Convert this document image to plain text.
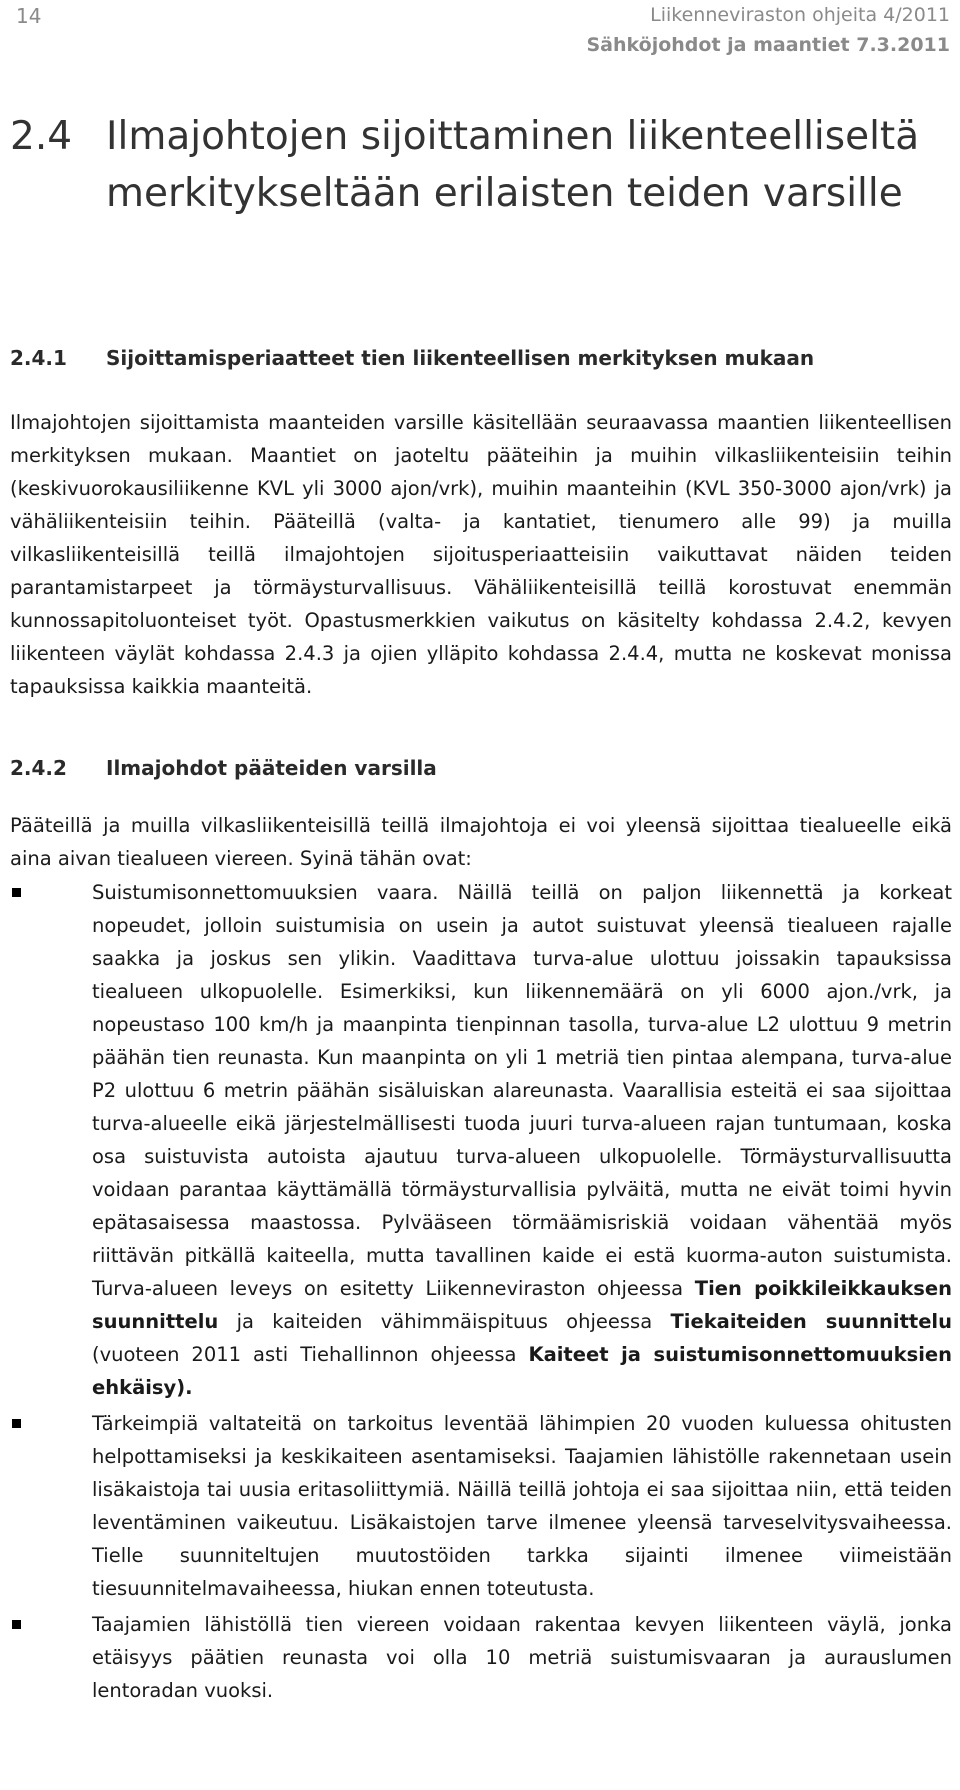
14	Liikenneviraston ohjeita 4/2011
Sähköjohdot ja maantiet 7.3.2011
2.4 Ilmajohtojen sijoittaminen liikenteelliseltä merkitykseltään erilaisten teiden varsille
2.4.1 Sijoittamisperiaatteet tien liikenteellisen merkityksen mukaan
Ilmajohtojen sijoittamista maanteiden varsille käsitellään seuraavassa maantien liikenteellisen merkityksen mukaan. Maantiet on jaoteltu pääteihin ja muihin vilkasliikenteisiin teihin (keskivuorokausiliikenne KVL yli 3000 ajon/vrk), muihin maanteihin (KVL 350-3000 ajon/vrk) ja vähäliikenteisiin teihin. Pääteillä (valta- ja kantatiet, tienumero alle 99) ja muilla vilkasliikenteisillä teillä ilmajohtojen sijoitusperiaatteisiin vaikuttavat näiden teiden parantamistarpeet ja törmäysturvallisuus. Vähäliikenteisillä teillä korostuvat enemmän kunnossapitoluonteiset työt. Opastusmerkkien vaikutus on käsitelty kohdassa 2.4.2, kevyen liikenteen väylät kohdassa 2.4.3 ja ojien ylläpito kohdassa 2.4.4, mutta ne koskevat monissa tapauksissa kaikkia maanteitä.
2.4.2 Ilmajohdot pääteiden varsilla
Pääteillä ja muilla vilkasliikenteisillä teillä ilmajohtoja ei voi yleensä sijoittaa tiealueelle eikä aina aivan tiealueen viereen. Syinä tähän ovat:
Suistumisonnettomuuksien vaara. Näillä teillä on paljon liikennettä ja korkeat nopeudet, jolloin suistumisia on usein ja autot suistuvat yleensä tiealueen rajalle saakka ja joskus sen ylikin. Vaadittava turva-alue ulottuu joissakin tapauksissa tiealueen ulkopuolelle. Esimerkiksi, kun liikennemäärä on yli 6000 ajon./vrk, ja nopeustaso 100 km/h ja maanpinta tienpinnan tasolla, turva-alue L2 ulottuu 9 metrin päähän tien reunasta. Kun maanpinta on yli 1 metriä tien pintaa alempana, turva-alue P2 ulottuu 6 metrin päähän sisäluiskan alareunasta. Vaarallisia esteitä ei saa sijoittaa turva-alueelle eikä järjestelmällisesti tuoda juuri turva-alueen rajan tuntumaan, koska osa suistuvista autoista ajautuu turva-alueen ulkopuolelle. Törmäysturvallisuutta voidaan parantaa käyttämällä törmäysturvallisia pylväitä, mutta ne eivät toimi hyvin epätasaisessa maastossa. Pylvääseen törmäämisriskiä voidaan vähentää myös riittävän pitkällä kaiteella, mutta tavallinen kaide ei estä kuorma-auton suistumista. Turva-alueen leveys on esitetty Liikenneviraston ohjeessa Tien poikkileikkauksen suunnittelu ja kaiteiden vähimmäispituus ohjeessa Tiekaiteiden suunnittelu (vuoteen 2011 asti Tiehallinnon ohjeessa Kaiteet ja suistumisonnettomuuksien ehkäisy).
Tärkeimpiä valtateitä on tarkoitus leventää lähimpien 20 vuoden kuluessa ohitusten helpottamiseksi ja keskikaiteen asentamiseksi. Taajamien lähistölle rakennetaan usein lisäkaistoja tai uusia eritasoliittymiä. Näillä teillä johtoja ei saa sijoittaa niin, että teiden leventäminen vaikeutuu. Lisäkaistojen tarve ilmenee yleensä tarveselvitysvaiheessa. Tielle suunniteltujen muutostöiden tarkka sijainti ilmenee viimeistään tiesuunnitelmavaiheessa, hiukan ennen toteutusta.
Taajamien lähistöllä tien viereen voidaan rakentaa kevyen liikenteen väylä, jonka etäisyys päätien reunasta voi olla 10 metriä suistumisvaaran ja aurauslumen lentoradan vuoksi.
